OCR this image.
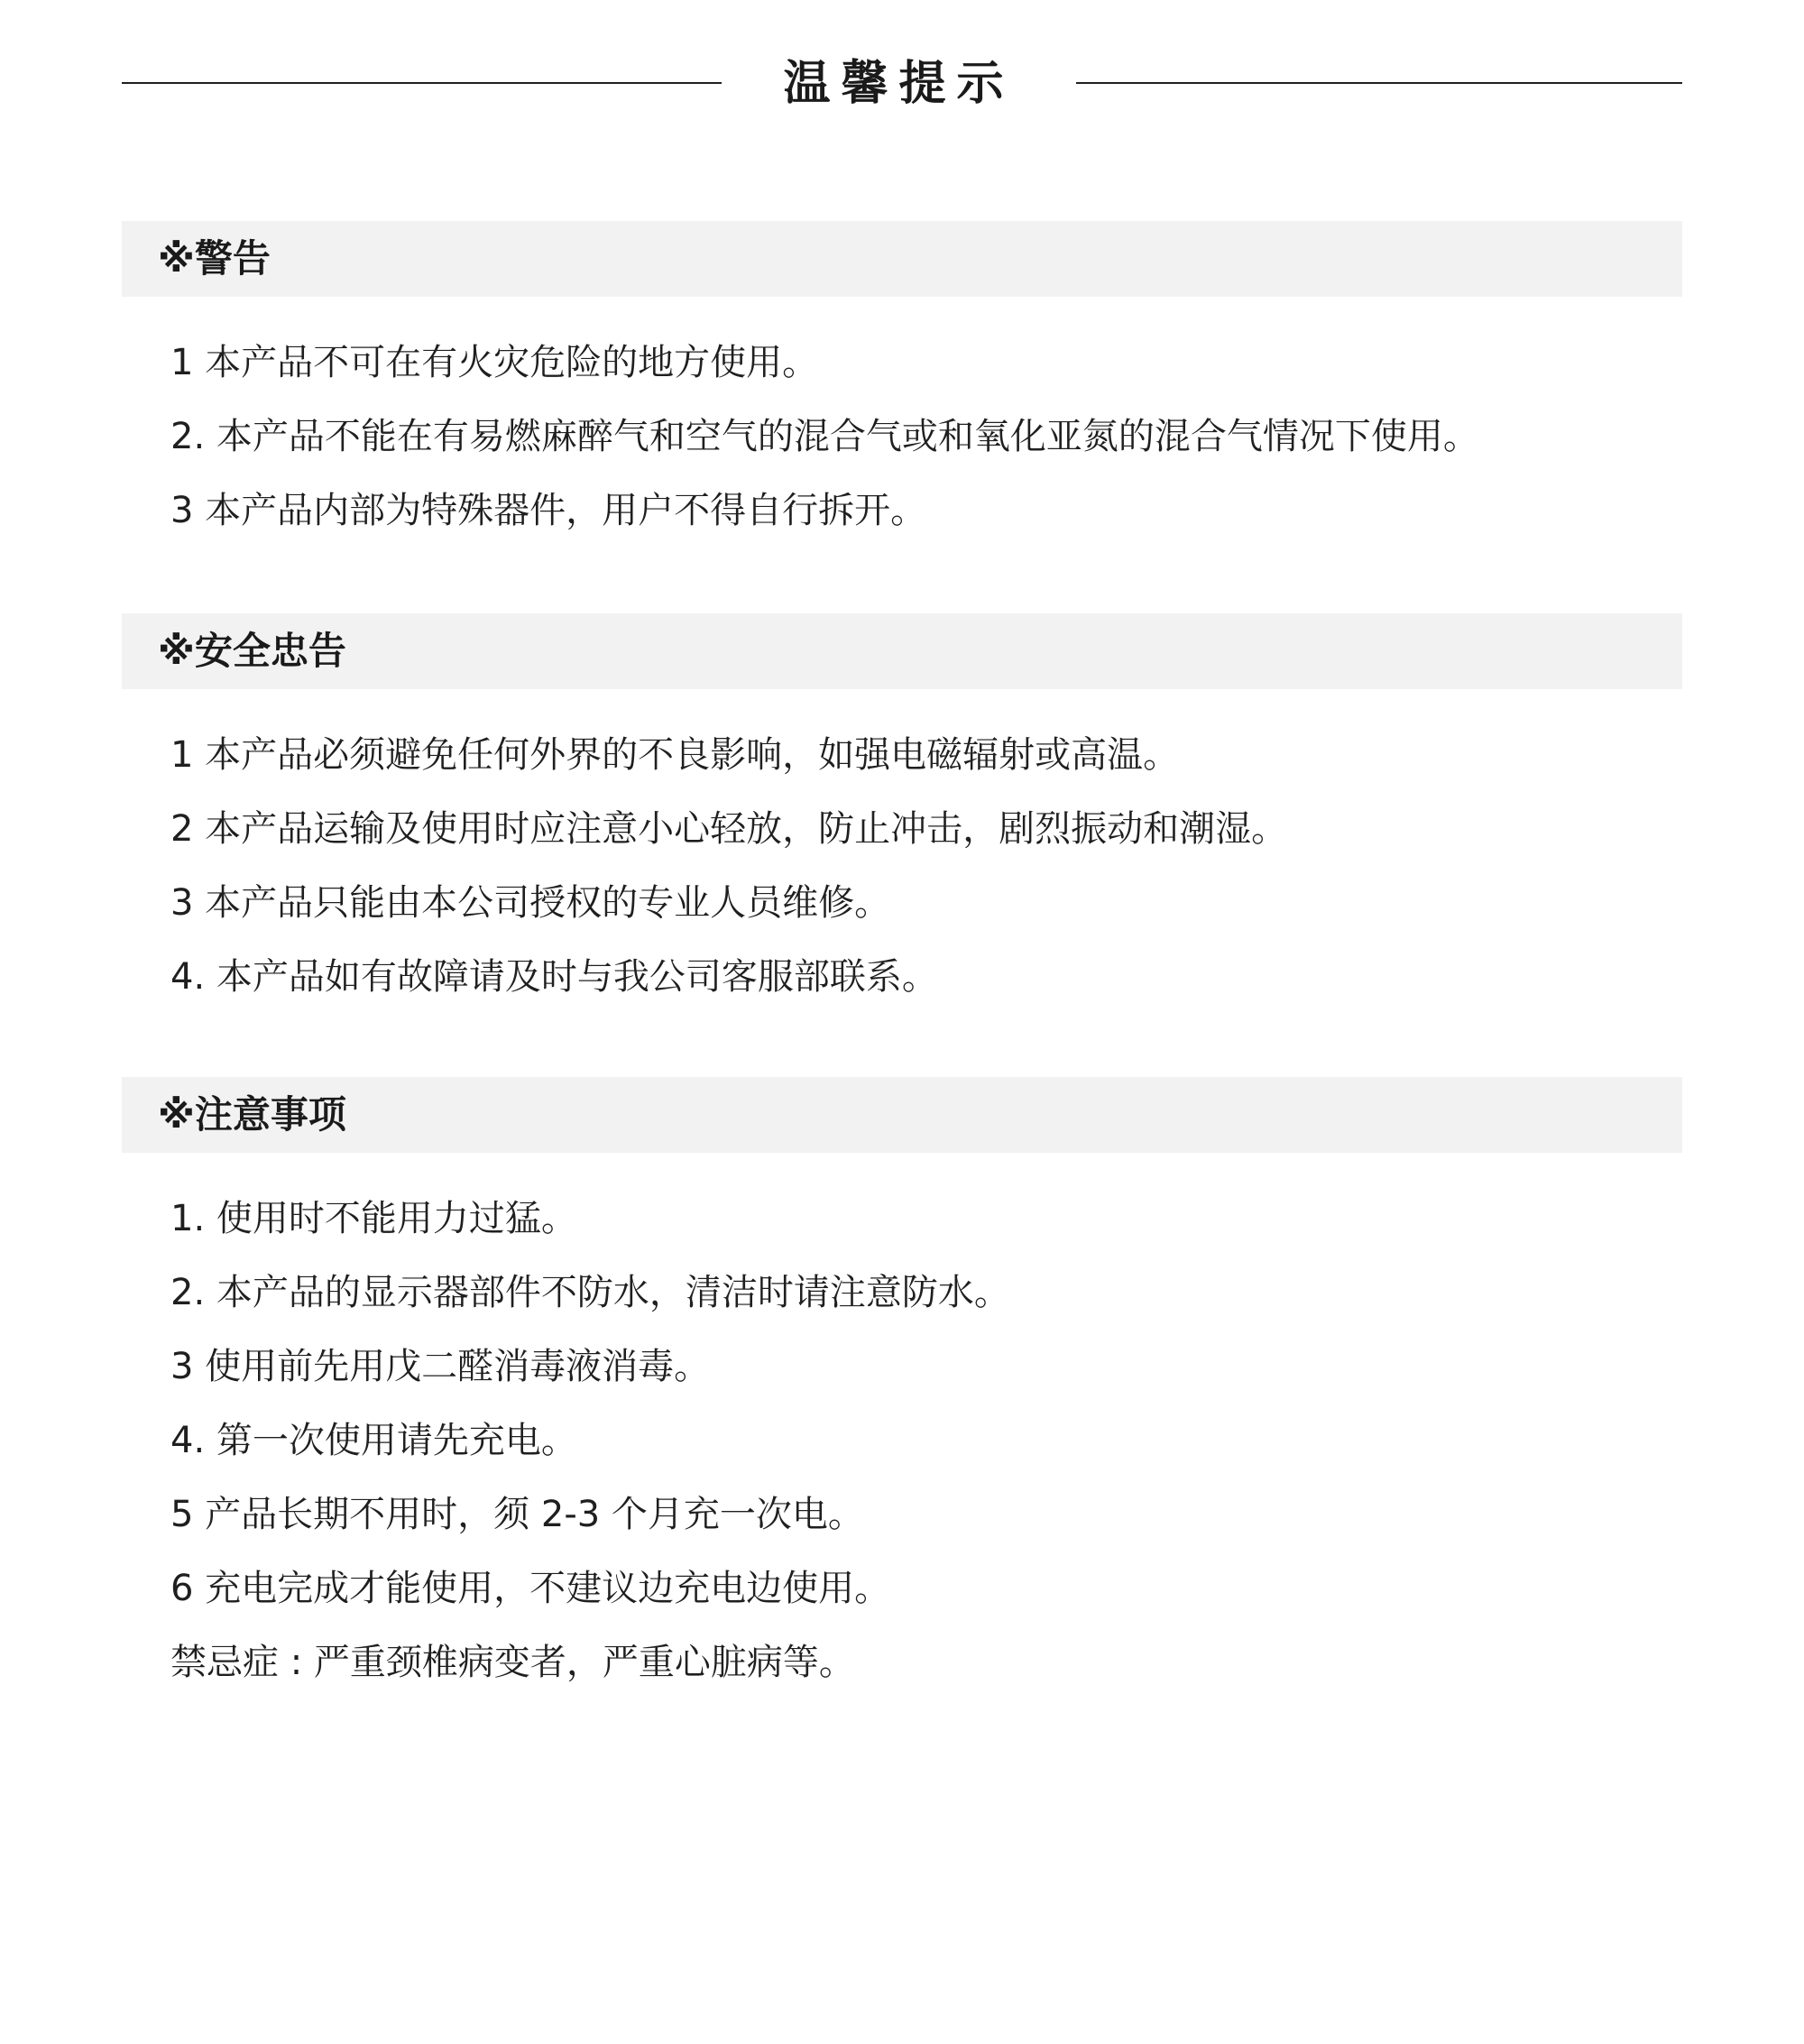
温馨提示
※警告
1 本产品不可在有火灾危险的地方使用。
2. 本产品不能在有易燃麻醉气和空气的混合气或和氧化亚氮的混合气情况下使用。
3 本产品内部为特殊器件，用户不得自行拆开。
※安全忠告
1 本产品必须避免任何外界的不良影响，如强电磁辐射或高温。
2 本产品运输及使用时应注意小心轻放，防止冲击，剧烈振动和潮湿。
3 本产品只能由本公司授权的专业人员维修。
4. 本产品如有故障请及时与我公司客服部联系。
※注意事项
1. 使用时不能用力过猛。
2. 本产品的显示器部件不防水，清洁时请注意防水。
3 使用前先用戊二醛消毒液消毒。
4. 第一次使用请先充电。
5 产品长期不用时，须 2-3 个月充一次电。
6 充电完成才能使用，不建议边充电边使用。
禁忌症 : 严重颈椎病变者，严重心脏病等。
